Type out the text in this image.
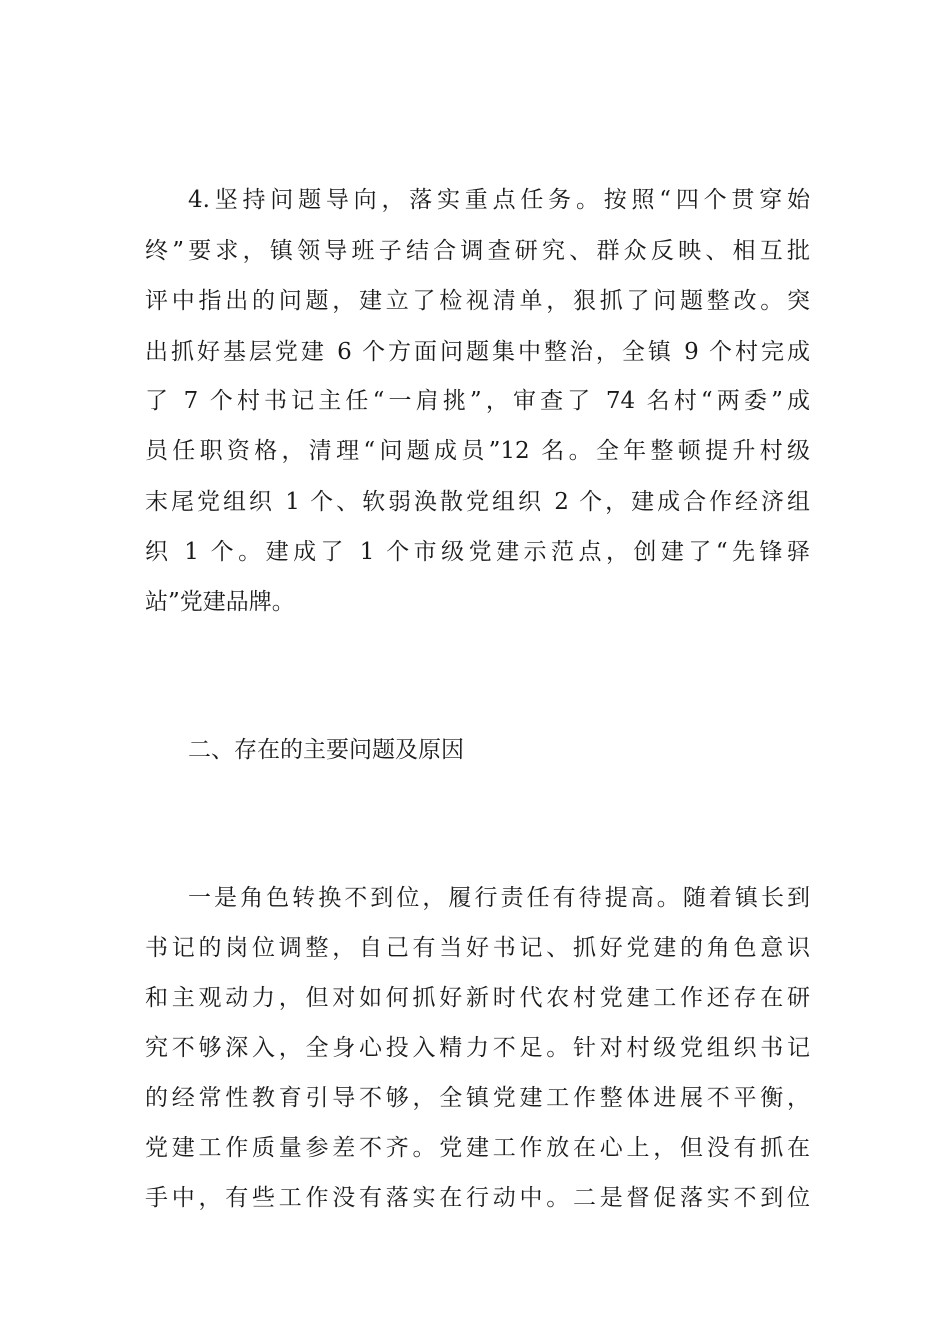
4.坚持问题导向，落实重点任务。按照“四个贯穿始
终”要求，镇领导班子结合调查研究、群众反映、相互批
评中指出的问题，建立了检视清单，狠抓了问题整改。突
出抓好基层党建 6 个方面问题集中整治，全镇 9 个村完成
了 7 个村书记主任“一肩挑”，审查了 74 名村“两委”成
员任职资格，清理“问题成员”12 名。全年整顿提升村级
末尾党组织 1 个、软弱涣散党组织 2 个，建成合作经济组
织 1 个。建成了 1 个市级党建示范点，创建了“先锋驿
站”党建品牌。
二、存在的主要问题及原因
一是角色转换不到位，履行责任有待提高。随着镇长到
书记的岗位调整，自己有当好书记、抓好党建的角色意识
和主观动力，但对如何抓好新时代农村党建工作还存在研
究不够深入，全身心投入精力不足。针对村级党组织书记
的经常性教育引导不够，全镇党建工作整体进展不平衡，
党建工作质量参差不齐。党建工作放在心上，但没有抓在
手中，有些工作没有落实在行动中。二是督促落实不到位
